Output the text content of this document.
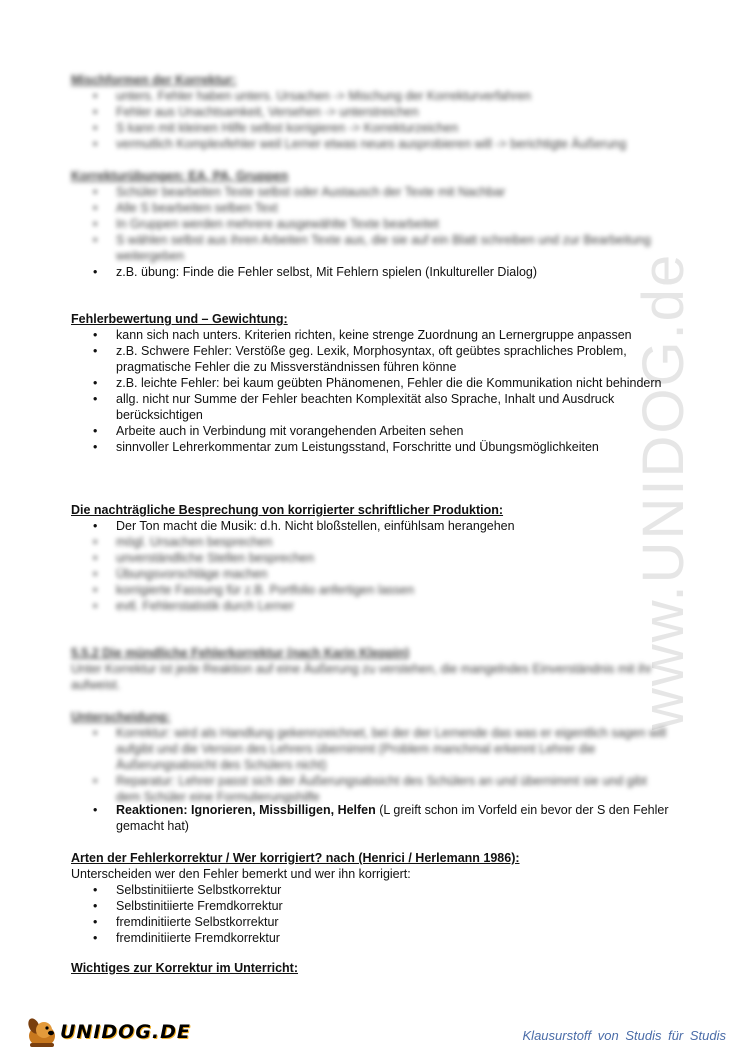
www.UNIDOG.de

Mischformen der Korrektur:

• unters. Fehler haben unters. Ursachen -> Mischung der Korrekturverfahren
• Fehler aus Unachtsamkeit, Versehen -> unterstreichen
• S kann mit kleinen Hilfe selbst korrigieren -> Korrekturzeichen
• vermutlich Komplexfehler weil Lerner etwas neues ausprobieren will -> berichtigte Äußerung

Korrekturübungen: EA, PA, Gruppen

• Schüler bearbeiten Texte selbst oder Austausch der Texte mit Nachbar
• Alle S bearbeiten selben Text
• In Gruppen werden mehrere ausgewählte Texte bearbeitet
• S wählen selbst aus ihren Arbeiten Texte aus, die sie auf ein Blatt schreiben und zur Bearbeitung weitergeben
• z.B. übung: Finde die Fehler selbst, Mit Fehlern spielen (Inkultureller Dialog)

Fehlerbewertung und – Gewichtung:

• kann sich nach unters. Kriterien richten, keine strenge Zuordnung an Lernergruppe anpassen
• z.B. Schwere Fehler: Verstöße geg. Lexik, Morphosyntax, oft geübtes sprachliches Problem, pragmatische Fehler die zu Missverständnissen führen könne
• z.B. leichte Fehler: bei kaum geübten Phänomenen, Fehler die die Kommunikation nicht behindern
• allg. nicht nur Summe der Fehler beachten Komplexität also Sprache, Inhalt und Ausdruck berücksichtigen
• Arbeite auch in Verbindung mit vorangehenden Arbeiten sehen
• sinnvoller Lehrerkommentar zum Leistungsstand, Forschritte und Übungsmöglichkeiten

Die nachträgliche Besprechung von korrigierter schriftlicher Produktion:

• Der Ton macht die Musik: d.h. Nicht bloßstellen, einfühlsam herangehen
• mögl. Ursachen besprechen
• unverständliche Stellen besprechen
• Übungsvorschläge machen
• korrigierte Fassung für z.B. Portfolio anfertigen lassen
• evtl. Fehlerstatistik durch Lerner

5.5.2 Die mündliche Fehlerkorrektur (nach Karin Kleppin)

Unter Korrektur ist jede Reaktion auf eine Äußerung zu verstehen, die mangelndes Einverständnis mit ihr aufweist.

Unterscheidung:

• Korrektur: wird als Handlung gekennzeichnet, bei der der Lernende das was er eigentlich sagen will aufgibt und die Version des Lehrers übernimmt (Problem manchmal erkennt Lehrer die Äußerungsabsicht des Schülers nicht)
• Reparatur: Lehrer passt sich der Äußerungsabsicht des Schülers an und übernimmt sie und gibt dem Schüler eine Formulierungshilfe
• Reaktionen: Ignorieren, Missbilligen, Helfen (L greift schon im Vorfeld ein bevor der S den Fehler gemacht hat)

Arten der Fehlerkorrektur / Wer korrigiert? nach (Henrici / Herlemann 1986):

Unterscheiden wer den Fehler bemerkt und wer ihn korrigiert:

• Selbstinitiierte Selbstkorrektur
• Selbstinitiierte Fremdkorrektur
• fremdinitiierte Selbstkorrektur
• fremdinitiierte Fremdkorrektur

Wichtiges zur Korrektur im Unterricht:

UNIDOG.DE	Klausurstoff von Studis für Studis
